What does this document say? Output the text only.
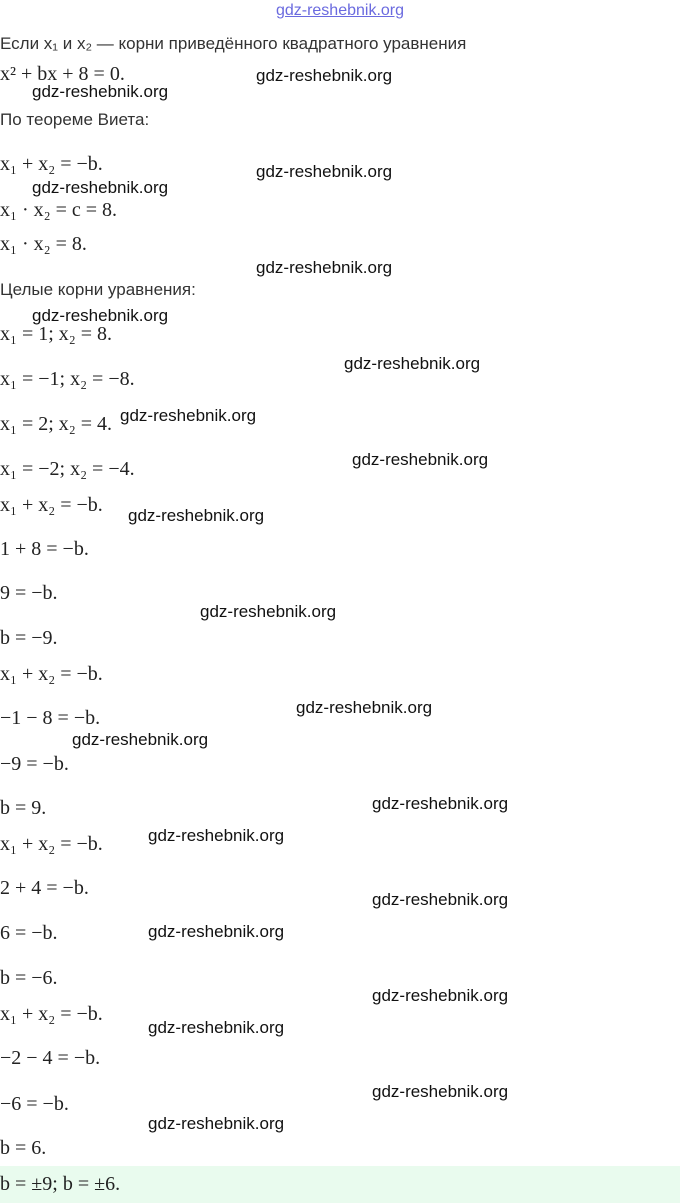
gdz-reshebnik.org
Если x₁ и x₂ — корни приведённого квадратного уравнения
x² + bx + 8 = 0.
По теореме Виета:
x₁ + x₂ = −b.
x₁ · x₂ = c = 8.
x₁ · x₂ = 8.
Целые корни уравнения:
x₁ = 1; x₂ = 8.
x₁ = −1; x₂ = −8.
x₁ = 2; x₂ = 4.
x₁ = −2; x₂ = −4.
x₁ + x₂ = −b.
1 + 8 = −b.
9 = −b.
b = −9.
x₁ + x₂ = −b.
−1 − 8 = −b.
−9 = −b.
b = 9.
x₁ + x₂ = −b.
2 + 4 = −b.
6 = −b.
b = −6.
x₁ + x₂ = −b.
−2 − 4 = −b.
−6 = −b.
b = 6.
b = ±9; b = ±6.
gdz-reshebnik.org
gdz-reshebnik.org
gdz-reshebnik.org
gdz-reshebnik.org
gdz-reshebnik.org
gdz-reshebnik.org
gdz-reshebnik.org
gdz-reshebnik.org
gdz-reshebnik.org
gdz-reshebnik.org
gdz-reshebnik.org
gdz-reshebnik.org
gdz-reshebnik.org
gdz-reshebnik.org
gdz-reshebnik.org
gdz-reshebnik.org
gdz-reshebnik.org
gdz-reshebnik.org
gdz-reshebnik.org
gdz-reshebnik.org
gdz-reshebnik.org
